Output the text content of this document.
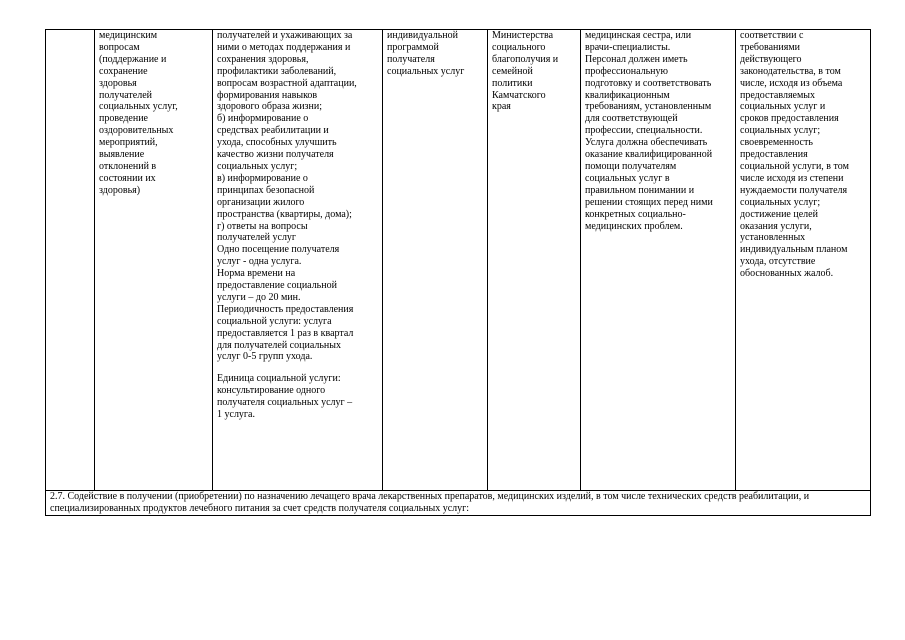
	медицинским
вопросам
(поддержание и
сохранение
здоровья
получателей
социальных услуг,
проведение
оздоровительных
мероприятий,
выявление
отклонений в
состоянии их
здоровья)	получателей и ухаживающих за
ними о методах поддержания и
сохранения здоровья,
профилактики заболеваний,
вопросам возрастной адаптации,
формирования навыков
здорового образа жизни;
б) информирование о
средствах реабилитации и
ухода, способных улучшить
качество жизни получателя
социальных услуг;
в) информирование о
принципах безопасной
организации жилого
пространства (квартиры, дома);
г) ответы на вопросы
получателей услуг
Одно посещение получателя
услуг - одна услуга.
Норма времени на
предоставление социальной
услуги – до 20 мин.
Периодичность предоставления
социальной услуги: услуга
предоставляется 1 раз в квартал
для получателей социальных
услуг 0-5 групп ухода.
Единица социальной услуги:
консультирование одного
получателя социальных услуг –
1 услуга.
	индивидуальной
программой
получателя
социальных услуг	Министерства
социального
благополучия и
семейной
политики
Камчатского
края	медицинская сестра, или
врачи-специалисты.
Персонал должен иметь
профессиональную
подготовку и соответствовать
квалификационным
требованиям, установленным
для соответствующей
профессии, специальности.
Услуга должна обеспечивать
оказание квалифицированной
помощи получателям
социальных услуг в
правильном понимании и
решении стоящих перед ними
конкретных социально-
медицинских проблем.	соответствии с
требованиями
действующего
законодательства, в том
числе, исходя из объема
предоставляемых
социальных услуг и
сроков предоставления
социальных услуг;
своевременность
предоставления
социальной услуги, в том
числе исходя из степени
нуждаемости получателя
социальных услуг;
достижение целей
оказания услуги,
установленных
индивидуальным планом
ухода, отсутствие
обоснованных жалоб.
2.7. Содействие в получении (приобретении) по назначению лечащего врача лекарственных препаратов, медицинских изделий, в том числе технических средств реабилитации, и специализированных продуктов лечебного питания за счет средств получателя социальных услуг:
